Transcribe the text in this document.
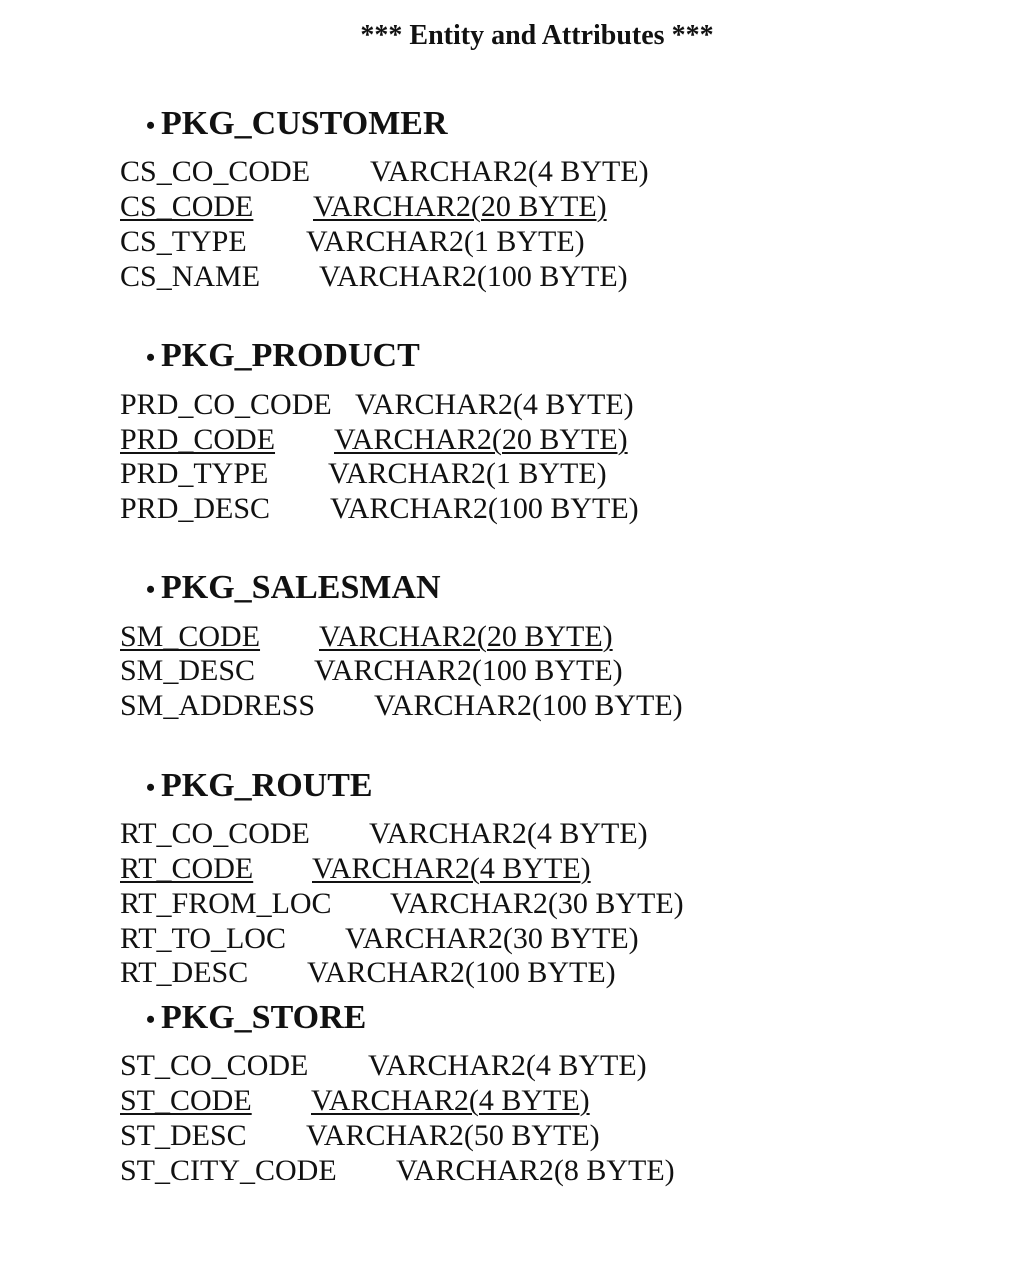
*** Entity and Attributes ***
• PKG_CUSTOMER
CS_CO_CODE VARCHAR2(4 BYTE)
CS_CODE VARCHAR2(20 BYTE)
CS_TYPE VARCHAR2(1 BYTE)
CS_NAME VARCHAR2(100 BYTE)
• PKG_PRODUCT
PRD_CO_CODE VARCHAR2(4 BYTE)
PRD_CODE VARCHAR2(20 BYTE)
PRD_TYPE VARCHAR2(1 BYTE)
PRD_DESC VARCHAR2(100 BYTE)
• PKG_SALESMAN
SM_CODE VARCHAR2(20 BYTE)
SM_DESC VARCHAR2(100 BYTE)
SM_ADDRESS VARCHAR2(100 BYTE)
• PKG_ROUTE
RT_CO_CODE VARCHAR2(4 BYTE)
RT_CODE VARCHAR2(4 BYTE)
RT_FROM_LOC VARCHAR2(30 BYTE)
RT_TO_LOC VARCHAR2(30 BYTE)
RT_DESC VARCHAR2(100 BYTE)
• PKG_STORE
ST_CO_CODE VARCHAR2(4 BYTE)
ST_CODE VARCHAR2(4 BYTE)
ST_DESC VARCHAR2(50 BYTE)
ST_CITY_CODE VARCHAR2(8 BYTE)
